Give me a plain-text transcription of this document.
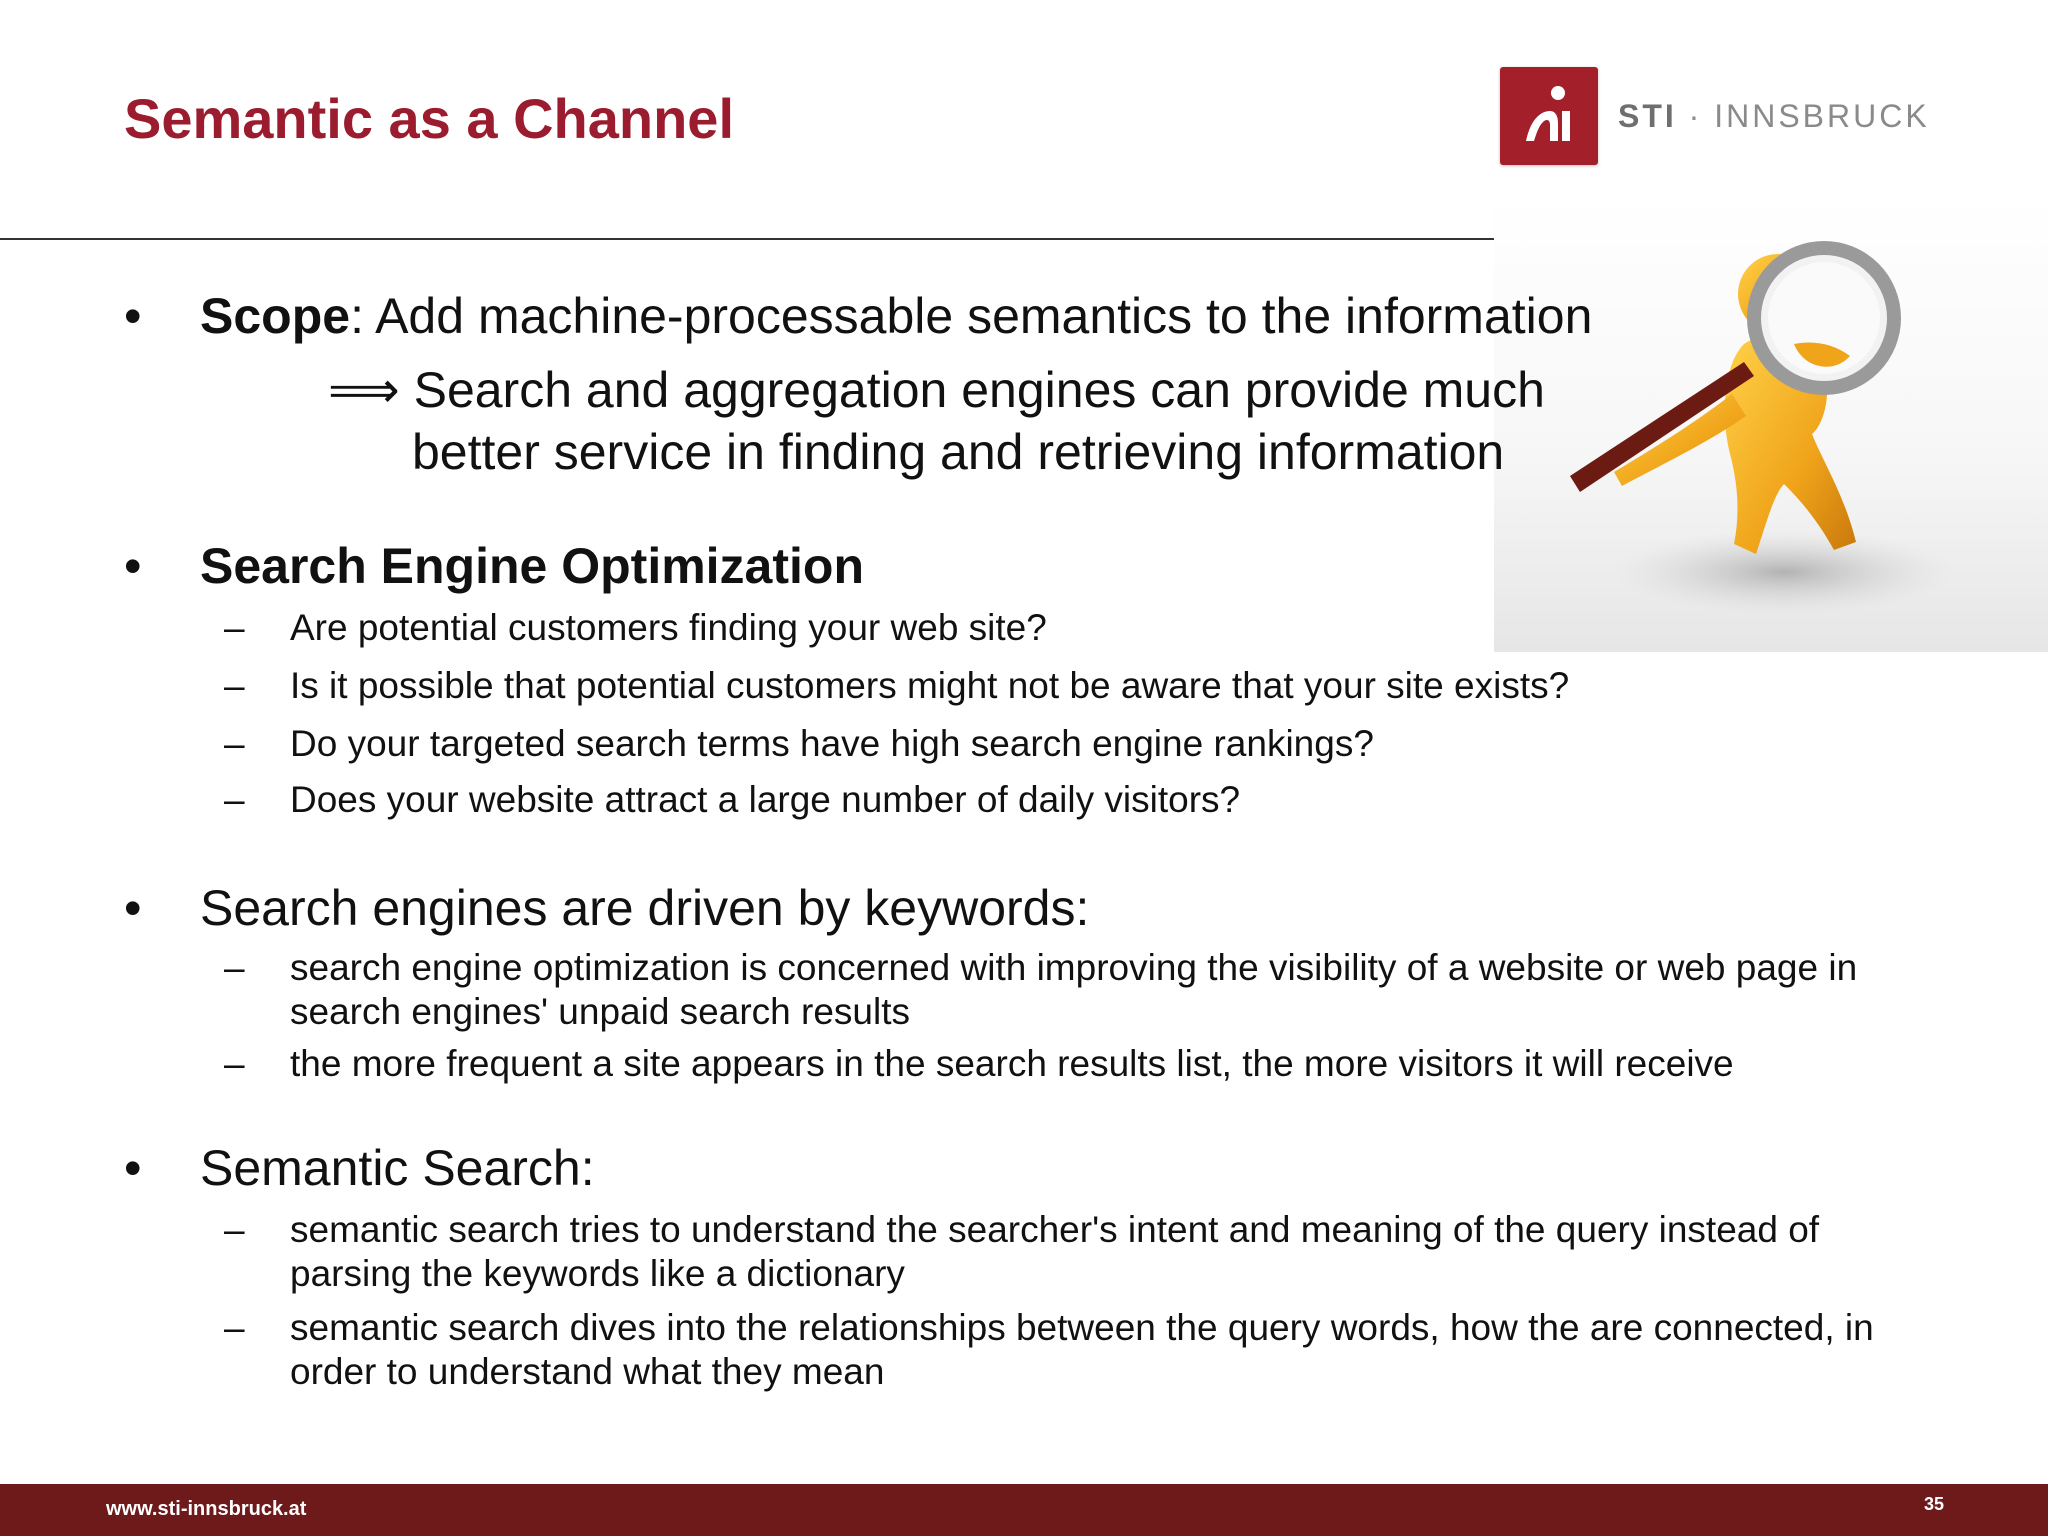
Semantic as a Channel	STI · INNSBRUCK
• Scope: Add machine-processable semantics to the information
⟹ Search and aggregation engines can provide much
better service in finding and retrieving information
• Search Engine Optimization
– Are potential customers finding your web site?
– Is it possible that potential customers might not be aware that your site exists?
– Do your targeted search terms have high search engine rankings?
– Does your website attract a large number of daily visitors?
• Search engines are driven by keywords:
– search engine optimization is concerned with improving the visibility of a website or web page in
search engines' unpaid search results
– the more frequent a site appears in the search results list, the more visitors it will receive
• Semantic Search:
– semantic search tries to understand the searcher's intent and meaning of the query instead of
parsing the keywords like a dictionary
– semantic search dives into the relationships between the query words, how the are connected, in
order to understand what they mean
www.sti-innsbruck.at	35
